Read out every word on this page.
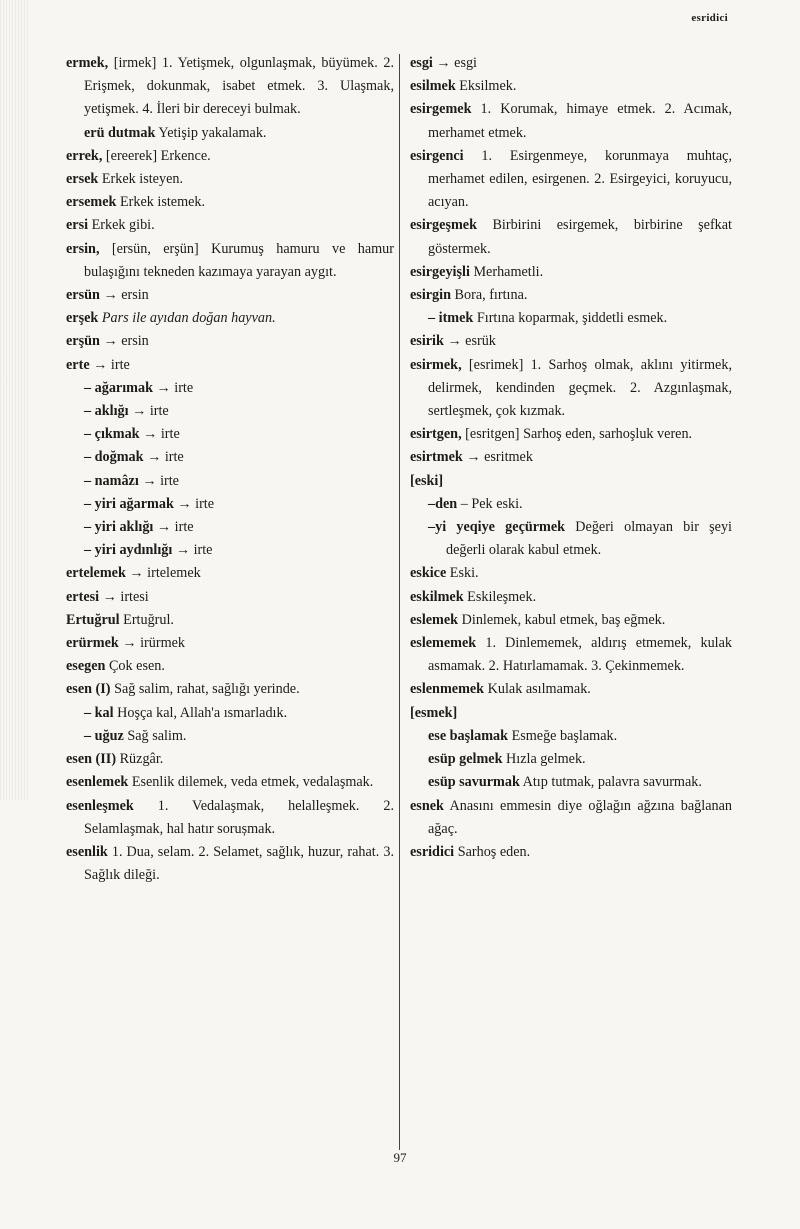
esridici

ermek, [irmek] 1. Yetişmek, olgunlaşmak, büyümek. 2. Erişmek, dokunmak, isabet etmek. 3. Ulaşmak, yetişmek. 4. İleri bir dereceyi bulmak.

erü dutmak Yetişip yakalamak.

errek, [ereerek] Erkence.

ersek Erkek isteyen.

ersemek Erkek istemek.

ersi Erkek gibi.

ersin, [ersün, erşün] Kurumuş hamuru ve hamur bulaşığını tekneden kazımaya yarayan aygıt.

ersün → ersin

erşek Pars ile ayıdan doğan hayvan.

erşün → ersin

erte → irte

– ağarımak → irte

– aklığı → irte

– çıkmak → irte

– doğmak → irte

– namâzı → irte

– yiri ağarmak → irte

– yiri aklığı → irte

– yiri aydınlığı → irte

ertelemek → irtelemek

ertesi → irtesi

Ertuğrul Ertuğrul.

erürmek → irürmek

esegen Çok esen.

esen (I) Sağ salim, rahat, sağlığı yerinde.

– kal Hoşça kal, Allah'a ısmarladık.

– uğuz Sağ salim.

esen (II) Rüzgâr.

esenlemek Esenlik dilemek, veda etmek, vedalaşmak.

esenleşmek 1. Vedalaşmak, helalleşmek. 2. Selamlaşmak, hal hatır sorușmak.

esenlik 1. Dua, selam. 2. Selamet, sağlık, huzur, rahat. 3. Sağlık dileği.

esgi → esgi

esilmek Eksilmek.

esirgemek 1. Korumak, himaye etmek. 2. Acımak, merhamet etmek.

esirgenci 1. Esirgenmeye, korunmaya muhtaç, merhamet edilen, esirgenen. 2. Esirgeyici, koruyucu, acıyan.

esirgeşmek Birbirini esirgemek, birbirine şefkat göstermek.

esirgeyişli Merhametli.

esirgin Bora, fırtına.

– itmek Fırtına koparmak, şiddetli esmek.

esirik → esrük

esirmek, [esrimek] 1. Sarhoş olmak, aklını yitirmek, delirmek, kendinden geçmek. 2. Azgınlaşmak, sertleşmek, çok kızmak.

esirtgen, [esritgen] Sarhoş eden, sarhoşluk veren.

esirtmek → esritmek

[eski]

–den – Pek eski.

–yi yeqiye geçürmek Değeri olmayan bir şeyi değerli olarak kabul etmek.

eskice Eski.

eskilmek Eskileşmek.

eslemek Dinlemek, kabul etmek, baş eğmek.

eslememek 1. Dinlememek, aldırış etmemek, kulak asmamak. 2. Hatırlamamak. 3. Çekinmemek.

eslenmemek Kulak asılmamak.

[esmek]

ese başlamak Esmeğe başlamak.

esüp gelmek Hızla gelmek.

esüp savurmak Atıp tutmak, palavra savurmak.

esnek Anasını emmesin diye oğlağın ağzına bağlanan ağaç.

esridici Sarhoş eden.

97
